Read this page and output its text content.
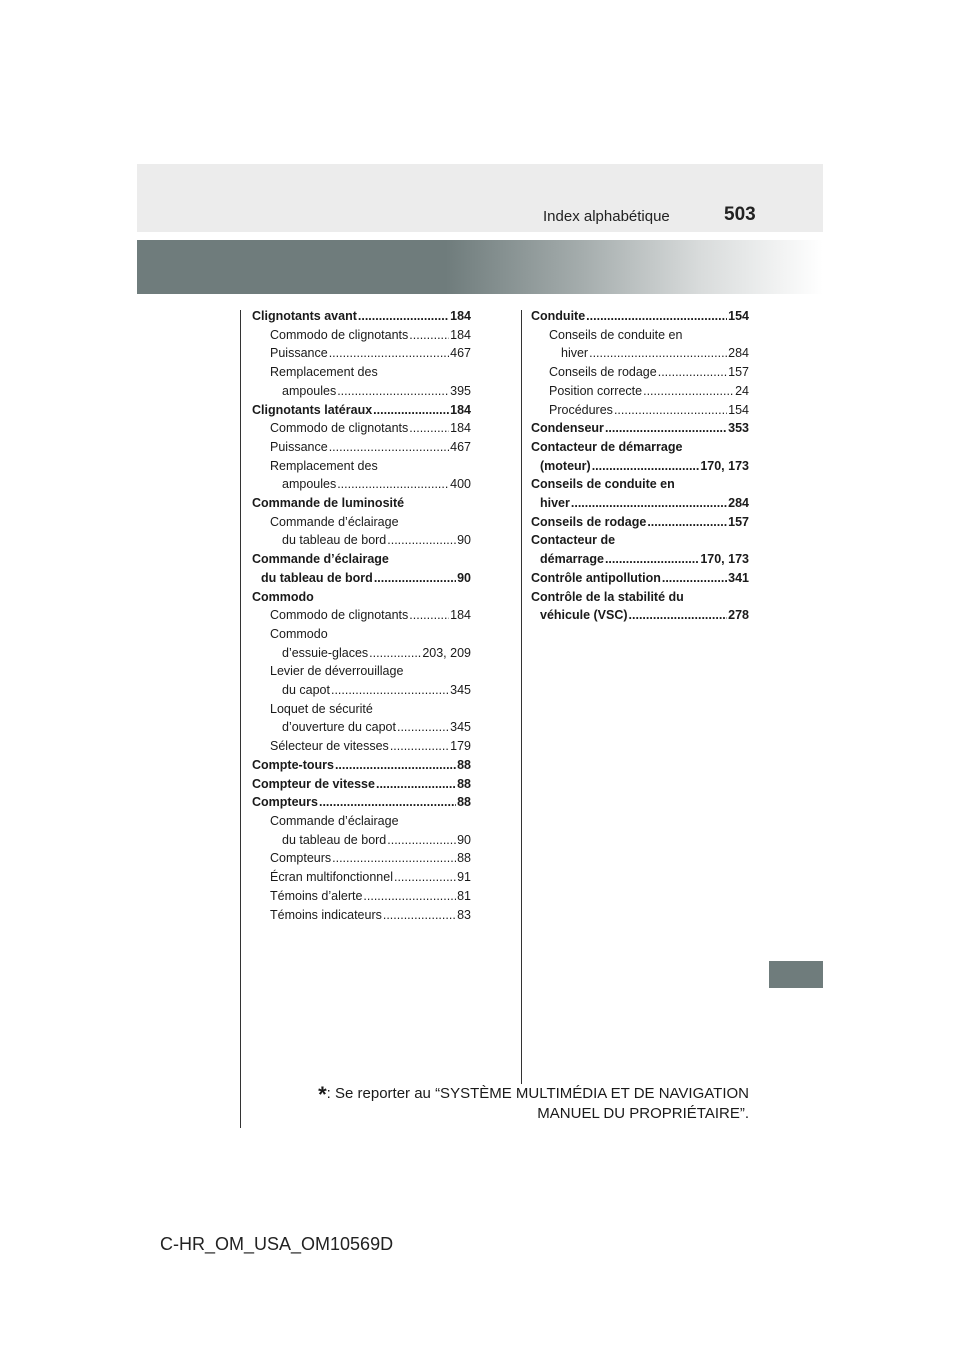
Index alphabétique	503
Clignotants avant .....	184
Commodo de clignotants .....	184
Puissance .....	467
Remplacement des
ampoules .....	395
Clignotants latéraux .....	184
Commodo de clignotants .....	184
Puissance .....	467
Remplacement des
ampoules .....	400
Commande de luminosité
Commande d’éclairage
du tableau de bord .....	90
Commande d’éclairage
du tableau de bord .....	90
Commodo
Commodo de clignotants .....	184
Commodo
d’essuie-glaces .....	203, 209
Levier de déverrouillage
du capot .....	345
Loquet de sécurité
d’ouverture du capot .....	345
Sélecteur de vitesses .....	179
Compte-tours .....	88
Compteur de vitesse .....	88
Compteurs .....	88
Commande d’éclairage
du tableau de bord .....	90
Compteurs .....	88
Écran multifonctionnel .....	91
Témoins d’alerte .....	81
Témoins indicateurs .....	83
Conduite .....	154
Conseils de conduite en
hiver .....	284
Conseils de rodage .....	157
Position correcte .....	24
Procédures .....	154
Condenseur .....	353
Contacteur de démarrage
(moteur) .....	170, 173
Conseils de conduite en
hiver .....	284
Conseils de rodage .....	157
Contacteur de
démarrage .....	170, 173
Contrôle antipollution .....	341
Contrôle de la stabilité du
véhicule (VSC) .....	278
*: Se reporter au “SYSTÈME MULTIMÉDIA ET DE NAVIGATION
MANUEL DU PROPRIÉTAIRE”.
C-HR_OM_USA_OM10569D
